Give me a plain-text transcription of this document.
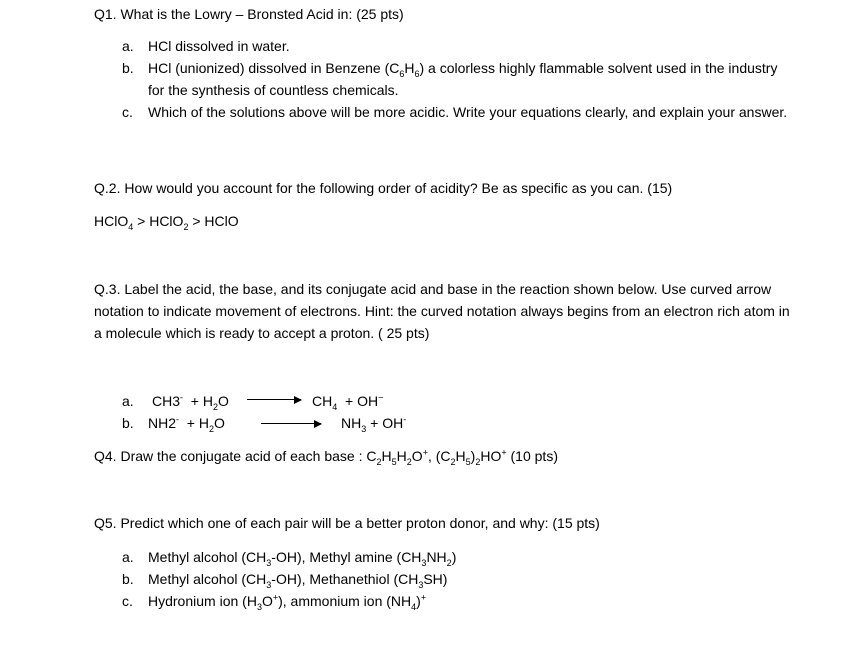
Q1. What is the Lowry – Bronsted Acid in: (25 pts)
a. HCl dissolved in water.
b. HCl (unionized) dissolved in Benzene $(C_6H_6)$ a colorless highly flammable solvent used in the industry for the synthesis of countless chemicals.
c. Which of the solutions above will be more acidic. Write your equations clearly, and explain your answer.
Q.2. How would you account for the following order of acidity? Be as specific as you can. (15)
HClO$_4$ > HClO$_2$ > HClO
Q.3. Label the acid, the base, and its conjugate acid and base in the reaction shown below. Use curved arrow notation to indicate movement of electrons. Hint: the curved notation always begins from an electron rich atom in a molecule which is ready to accept a proton. ( 25 pts)
a. $CH3^- + H_2O \to CH_4 + OH^-$
b. $NH2^- + H_2O$	$NH_3 + OH^-$
Q4. Draw the conjugate acid of each base : $C_2H_5H_2O^+$, $(C_2H_5)_2HO^+$ (10 pts)
Q5. Predict which one of each pair will be a better proton donor, and why: (15 pts)
a. Methyl alcohol $(CH_3-OH)$, Methyl amine $(CH_3NH_2)$
b. Methyl alcohol $(CH_3-OH)$, Methanethiol $(CH_3SH)$
c. Hydronium ion $(H_3O^+)$, ammonium ion $(NH_4)^+$
